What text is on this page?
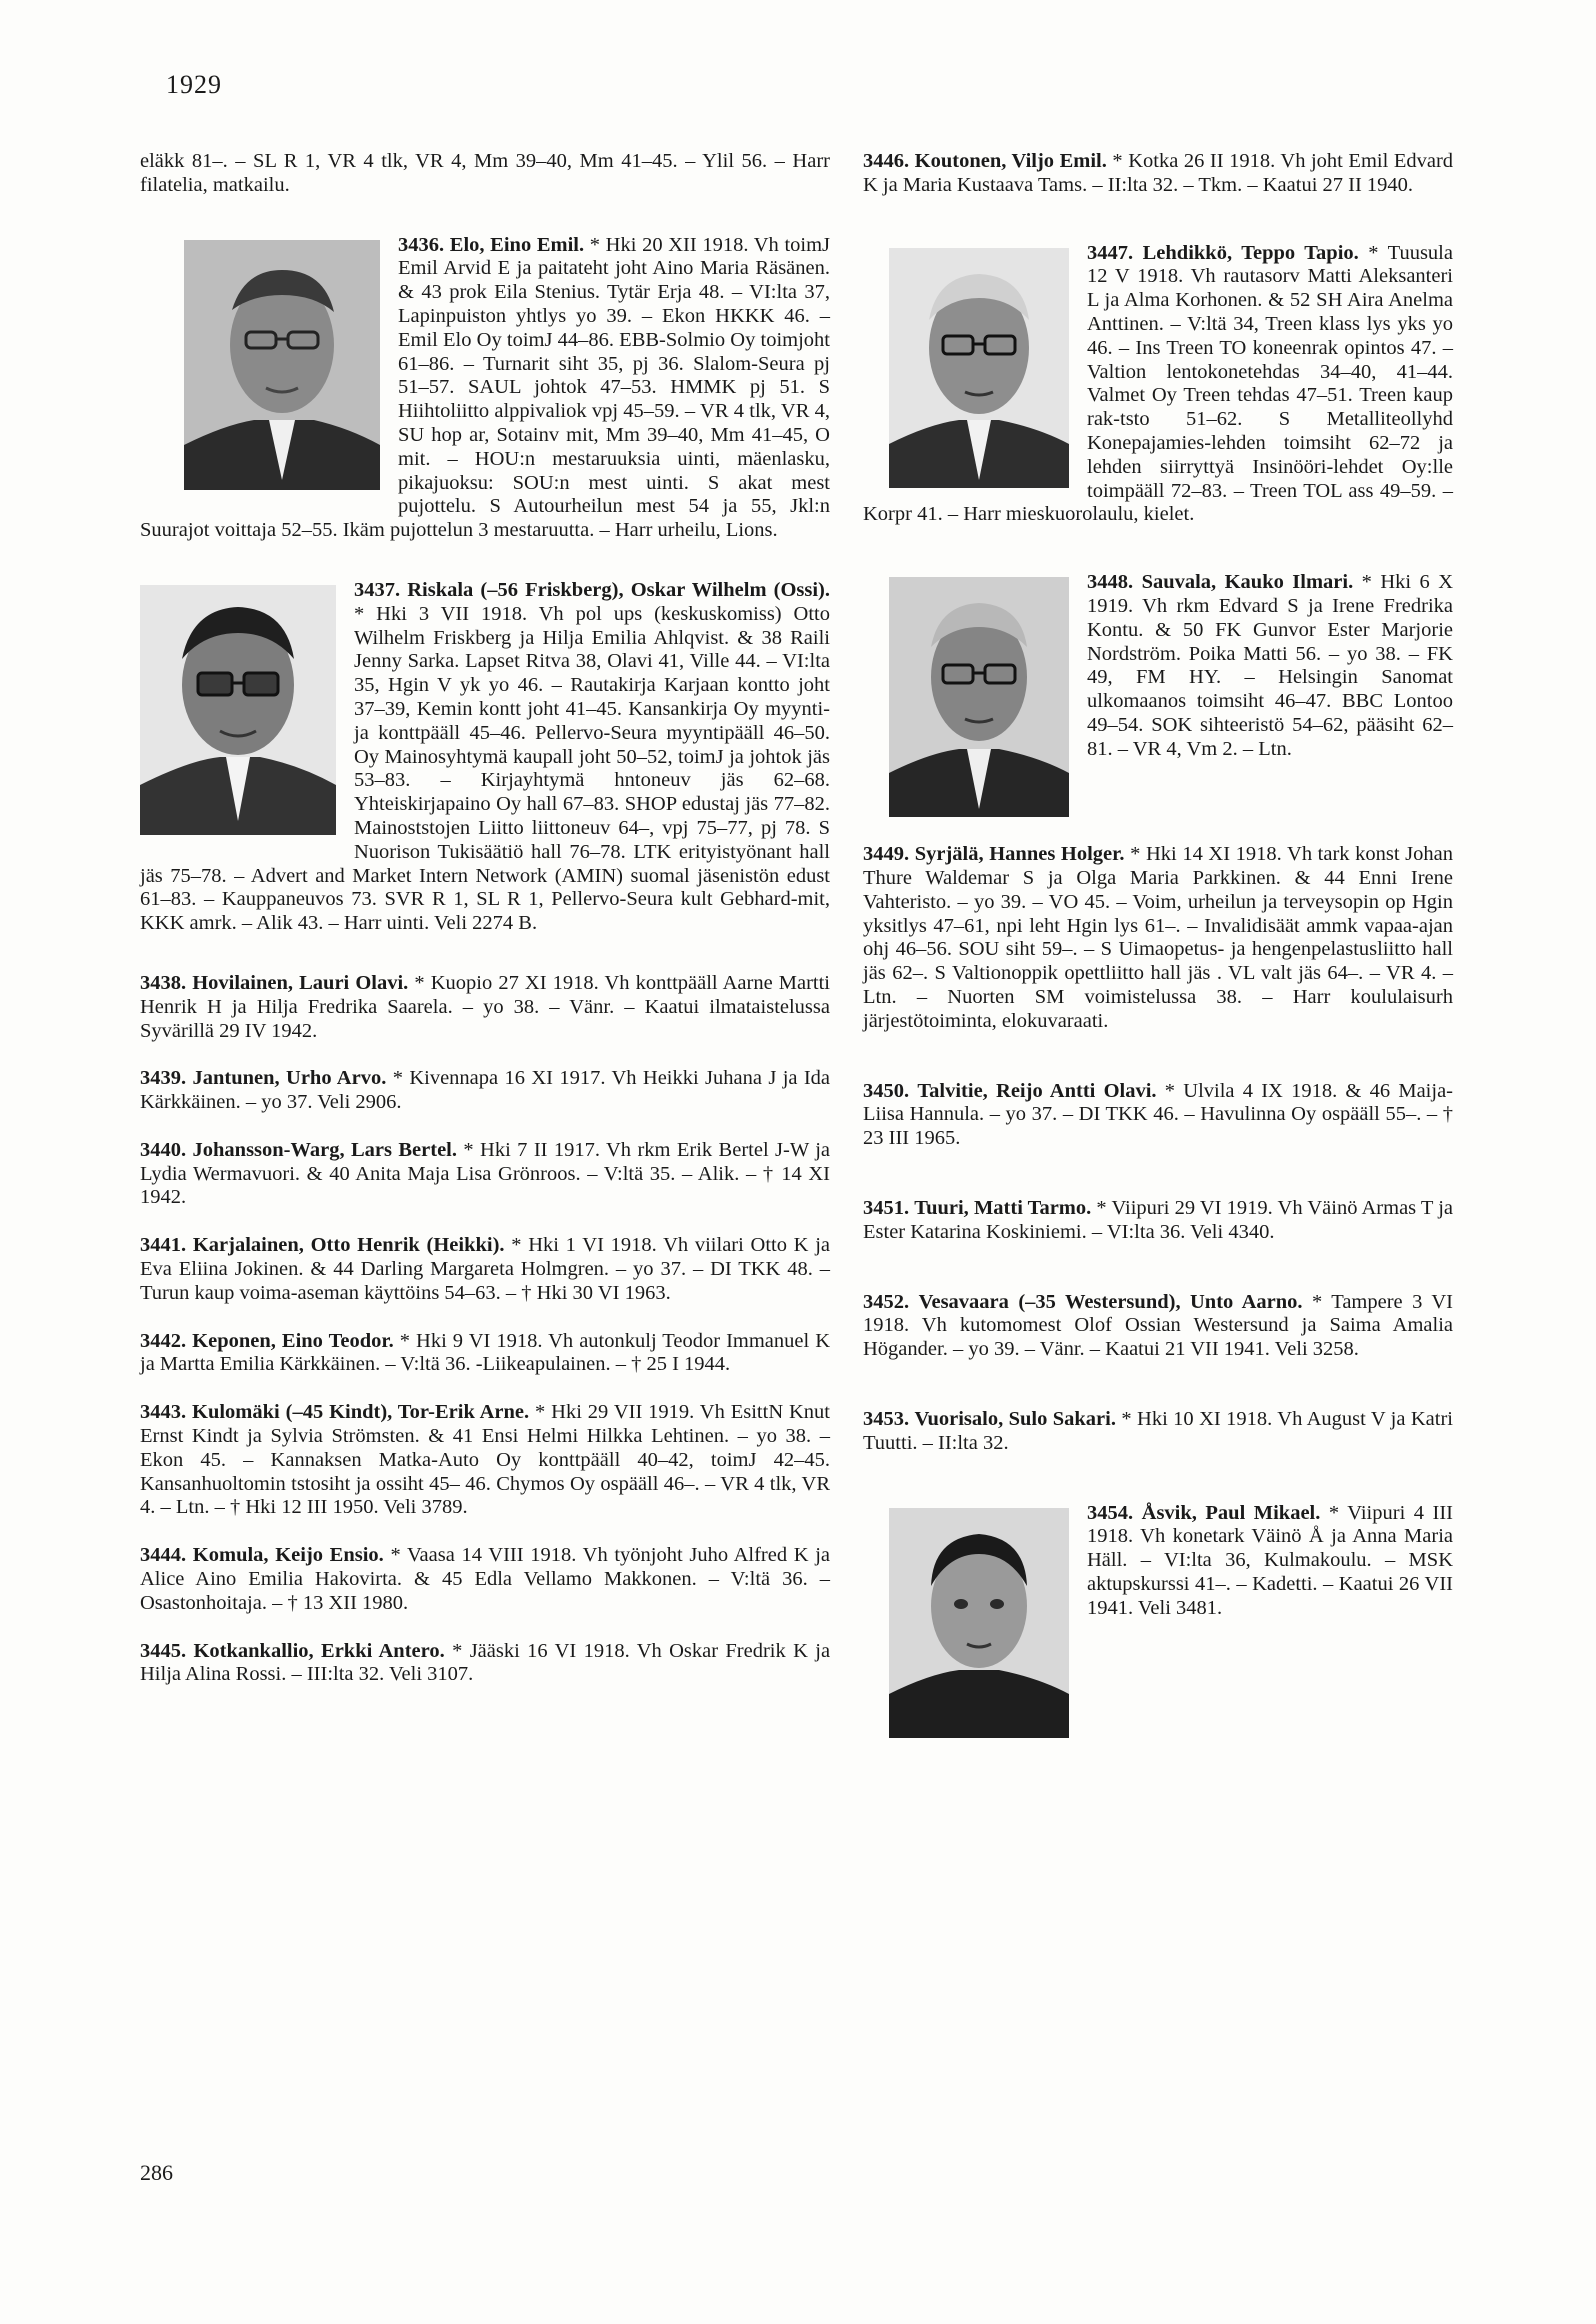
1929

eläkk 81–. – SL R 1, VR 4 tlk, VR 4, Mm 39–40, Mm 41–45. – Ylil 56. – Harr filatelia, matkailu.

3436. Elo, Eino Emil. * Hki 20 XII 1918. Vh toimJ Emil Arvid E ja paitateht joht Aino Maria Räsänen. & 43 prok Eila Stenius. Tytär Erja 48. – VI:lta 37, Lapinpuiston yhtlys yo 39. – Ekon HKKK 46. – Emil Elo Oy toimJ 44–86. EBB-Solmio Oy toimjoht 61–86. – Turnarit siht 35, pj 36. Slalom-Seura pj 51–57. SAUL johtok 47–53. HMMK pj 51. S Hiihtoliitto alppivaliok vpj 45–59. – VR 4 tlk, VR 4, SU hop ar, Sotainv mit, Mm 39–40, Mm 41–45, O mit. – HOU:n mestaruuksia uinti, mäenlasku, pikajuoksu: SOU:n mest uinti. S akat mest pujottelu. S Autourheilun mest 54 ja 55, Jkl:n Suurajot voittaja 52–55. Ikäm pujottelun 3 mestaruutta. – Harr urheilu, Lions.

3437. Riskala (–56 Friskberg), Oskar Wilhelm (Ossi). * Hki 3 VII 1918. Vh pol ups (keskuskomiss) Otto Wilhelm Friskberg ja Hilja Emilia Ahlqvist. & 38 Raili Jenny Sarka. Lapset Ritva 38, Olavi 41, Ville 44. – VI:lta 35, Hgin V yk yo 46. – Rautakirja Karjaan kontto joht 37–39, Kemin kontt joht 41–45. Kansankirja Oy myynti- ja konttpääll 45–46. Pellervo-Seura myyntipääll 46–50. Oy Mainosyhtymä kaupall joht 50–52, toimJ ja johtok jäs 53–83. – Kirjayhtymä hntoneuv jäs 62–68. Yhteiskirjapaino Oy hall 67–83. SHOP edustaj jäs 77–82. Mainoststojen Liitto liittoneuv 64–, vpj 75–77, pj 78. S Nuorison Tukisäätiö hall 76–78. LTK erityistyönant hall jäs 75–78. – Advert and Market Intern Network (AMIN) suomal jäsenistön edust 61–83. – Kauppaneuvos 73. SVR R 1, SL R 1, Pellervo-Seura kult Gebhard-mit, KKK amrk. – Alik 43. – Harr uinti. Veli 2274 B.

3438. Hovilainen, Lauri Olavi. * Kuopio 27 XI 1918. Vh konttpääll Aarne Martti Henrik H ja Hilja Fredrika Saarela. – yo 38. – Vänr. – Kaatui ilmataistelussa Syvärillä 29 IV 1942.

3439. Jantunen, Urho Arvo. * Kivennapa 16 XI 1917. Vh Heikki Juhana J ja Ida Kärkkäinen. – yo 37. Veli 2906.

3440. Johansson-Warg, Lars Bertel. * Hki 7 II 1917. Vh rkm Erik Bertel J-W ja Lydia Wermavuori. & 40 Anita Maja Lisa Grönroos. – V:ltä 35. – Alik. – † 14 XI 1942.

3441. Karjalainen, Otto Henrik (Heikki). * Hki 1 VI 1918. Vh viilari Otto K ja Eva Eliina Jokinen. & 44 Darling Margareta Holmgren. – yo 37. – DI TKK 48. – Turun kaup voima-aseman käyttöins 54–63. – † Hki 30 VI 1963.

3442. Keponen, Eino Teodor. * Hki 9 VI 1918. Vh autonkulj Teodor Immanuel K ja Martta Emilia Kärkkäinen. – V:ltä 36. -Liikeapulainen. – † 25 I 1944.

3443. Kulomäki (–45 Kindt), Tor-Erik Arne. * Hki 29 VII 1919. Vh EsittN Knut Ernst Kindt ja Sylvia Strömsten. & 41 Ensi Helmi Hilkka Lehtinen. – yo 38. – Ekon 45. – Kannaksen Matka-Auto Oy konttpääll 40–42, toimJ 42–45. Kansanhuoltomin tstosiht ja ossiht 45– 46. Chymos Oy ospääll 46–. – VR 4 tlk, VR 4. – Ltn. – † Hki 12 III 1950. Veli 3789.

3444. Komula, Keijo Ensio. * Vaasa 14 VIII 1918. Vh työnjoht Juho Alfred K ja Alice Aino Emilia Hakovirta. & 45 Edla Vellamo Makkonen. – V:ltä 36. – Osastonhoitaja. – † 13 XII 1980.

3445. Kotkankallio, Erkki Antero. * Jääski 16 VI 1918. Vh Oskar Fredrik K ja Hilja Alina Rossi. – III:lta 32. Veli 3107.

3446. Koutonen, Viljo Emil. * Kotka 26 II 1918. Vh joht Emil Edvard K ja Maria Kustaava Tams. – II:lta 32. – Tkm. – Kaatui 27 II 1940.

3447. Lehdikkö, Teppo Tapio. * Tuusula 12 V 1918. Vh rautasorv Matti Aleksanteri L ja Alma Korhonen. & 52 SH Aira Anelma Anttinen. – V:ltä 34, Treen klass lys yks yo 46. – Ins Treen TO koneenrak opintos 47. – Valtion lentokonetehdas 34–40, 41–44. Valmet Oy Treen tehdas 47–51. Treen kaup rak-tsto 51–62. S Metalliteollyhd Konepajamies-lehden toimsiht 62–72 ja lehden siirryttyä Insinööri-lehdet Oy:lle toimpääll 72–83. – Treen TOL ass 49–59. – Korpr 41. – Harr mieskuorolaulu, kielet.

3448. Sauvala, Kauko Ilmari. * Hki 6 X 1919. Vh rkm Edvard S ja Irene Fredrika Kontu. & 50 FK Gunvor Ester Marjorie Nordström. Poika Matti 56. – yo 38. – FK 49, FM HY. – Helsingin Sanomat ulkomaanos toimsiht 46–47. BBC Lontoo 49–54. SOK sihteeristö 54–62, pääsiht 62–81. – VR 4, Vm 2. – Ltn.

3449. Syrjälä, Hannes Holger. * Hki 14 XI 1918. Vh tark konst Johan Thure Waldemar S ja Olga Maria Parkkinen. & 44 Enni Irene Vahteristo. – yo 39. – VO 45. – Voim, urheilun ja terveysopin op Hgin yksitlys 47–61, npi leht Hgin lys 61–. – Invalidisäät ammk vapaa-ajan ohj 46–56. SOU siht 59–. – S Uimaopetus- ja hengenpelastusliitto hall jäs 62–. S Valtionoppik opettliitto hall jäs . VL valt jäs 64–. – VR 4. – Ltn. – Nuorten SM voimistelussa 38. – Harr koululaisurh järjestötoiminta, elokuvaraati.

3450. Talvitie, Reijo Antti Olavi. * Ulvila 4 IX 1918. & 46 Maija-Liisa Hannula. – yo 37. – DI TKK 46. – Havulinna Oy ospääll 55–. – † 23 III 1965.

3451. Tuuri, Matti Tarmo. * Viipuri 29 VI 1919. Vh Väinö Armas T ja Ester Katarina Koskiniemi. – VI:lta 36. Veli 4340.

3452. Vesavaara (–35 Westersund), Unto Aarno. * Tampere 3 VI 1918. Vh kutomomest Olof Ossian Westersund ja Saima Amalia Högander. – yo 39. – Vänr. – Kaatui 21 VII 1941. Veli 3258.

3453. Vuorisalo, Sulo Sakari. * Hki 10 XI 1918. Vh August V ja Katri Tuutti. – II:lta 32.

3454. Åsvik, Paul Mikael. * Viipuri 4 III 1918. Vh konetark Väinö Å ja Anna Maria Häll. – VI:lta 36, Kulmakoulu. – MSK aktupskurssi 41–. – Kadetti. – Kaatui 26 VII 1941. Veli 3481.

286
